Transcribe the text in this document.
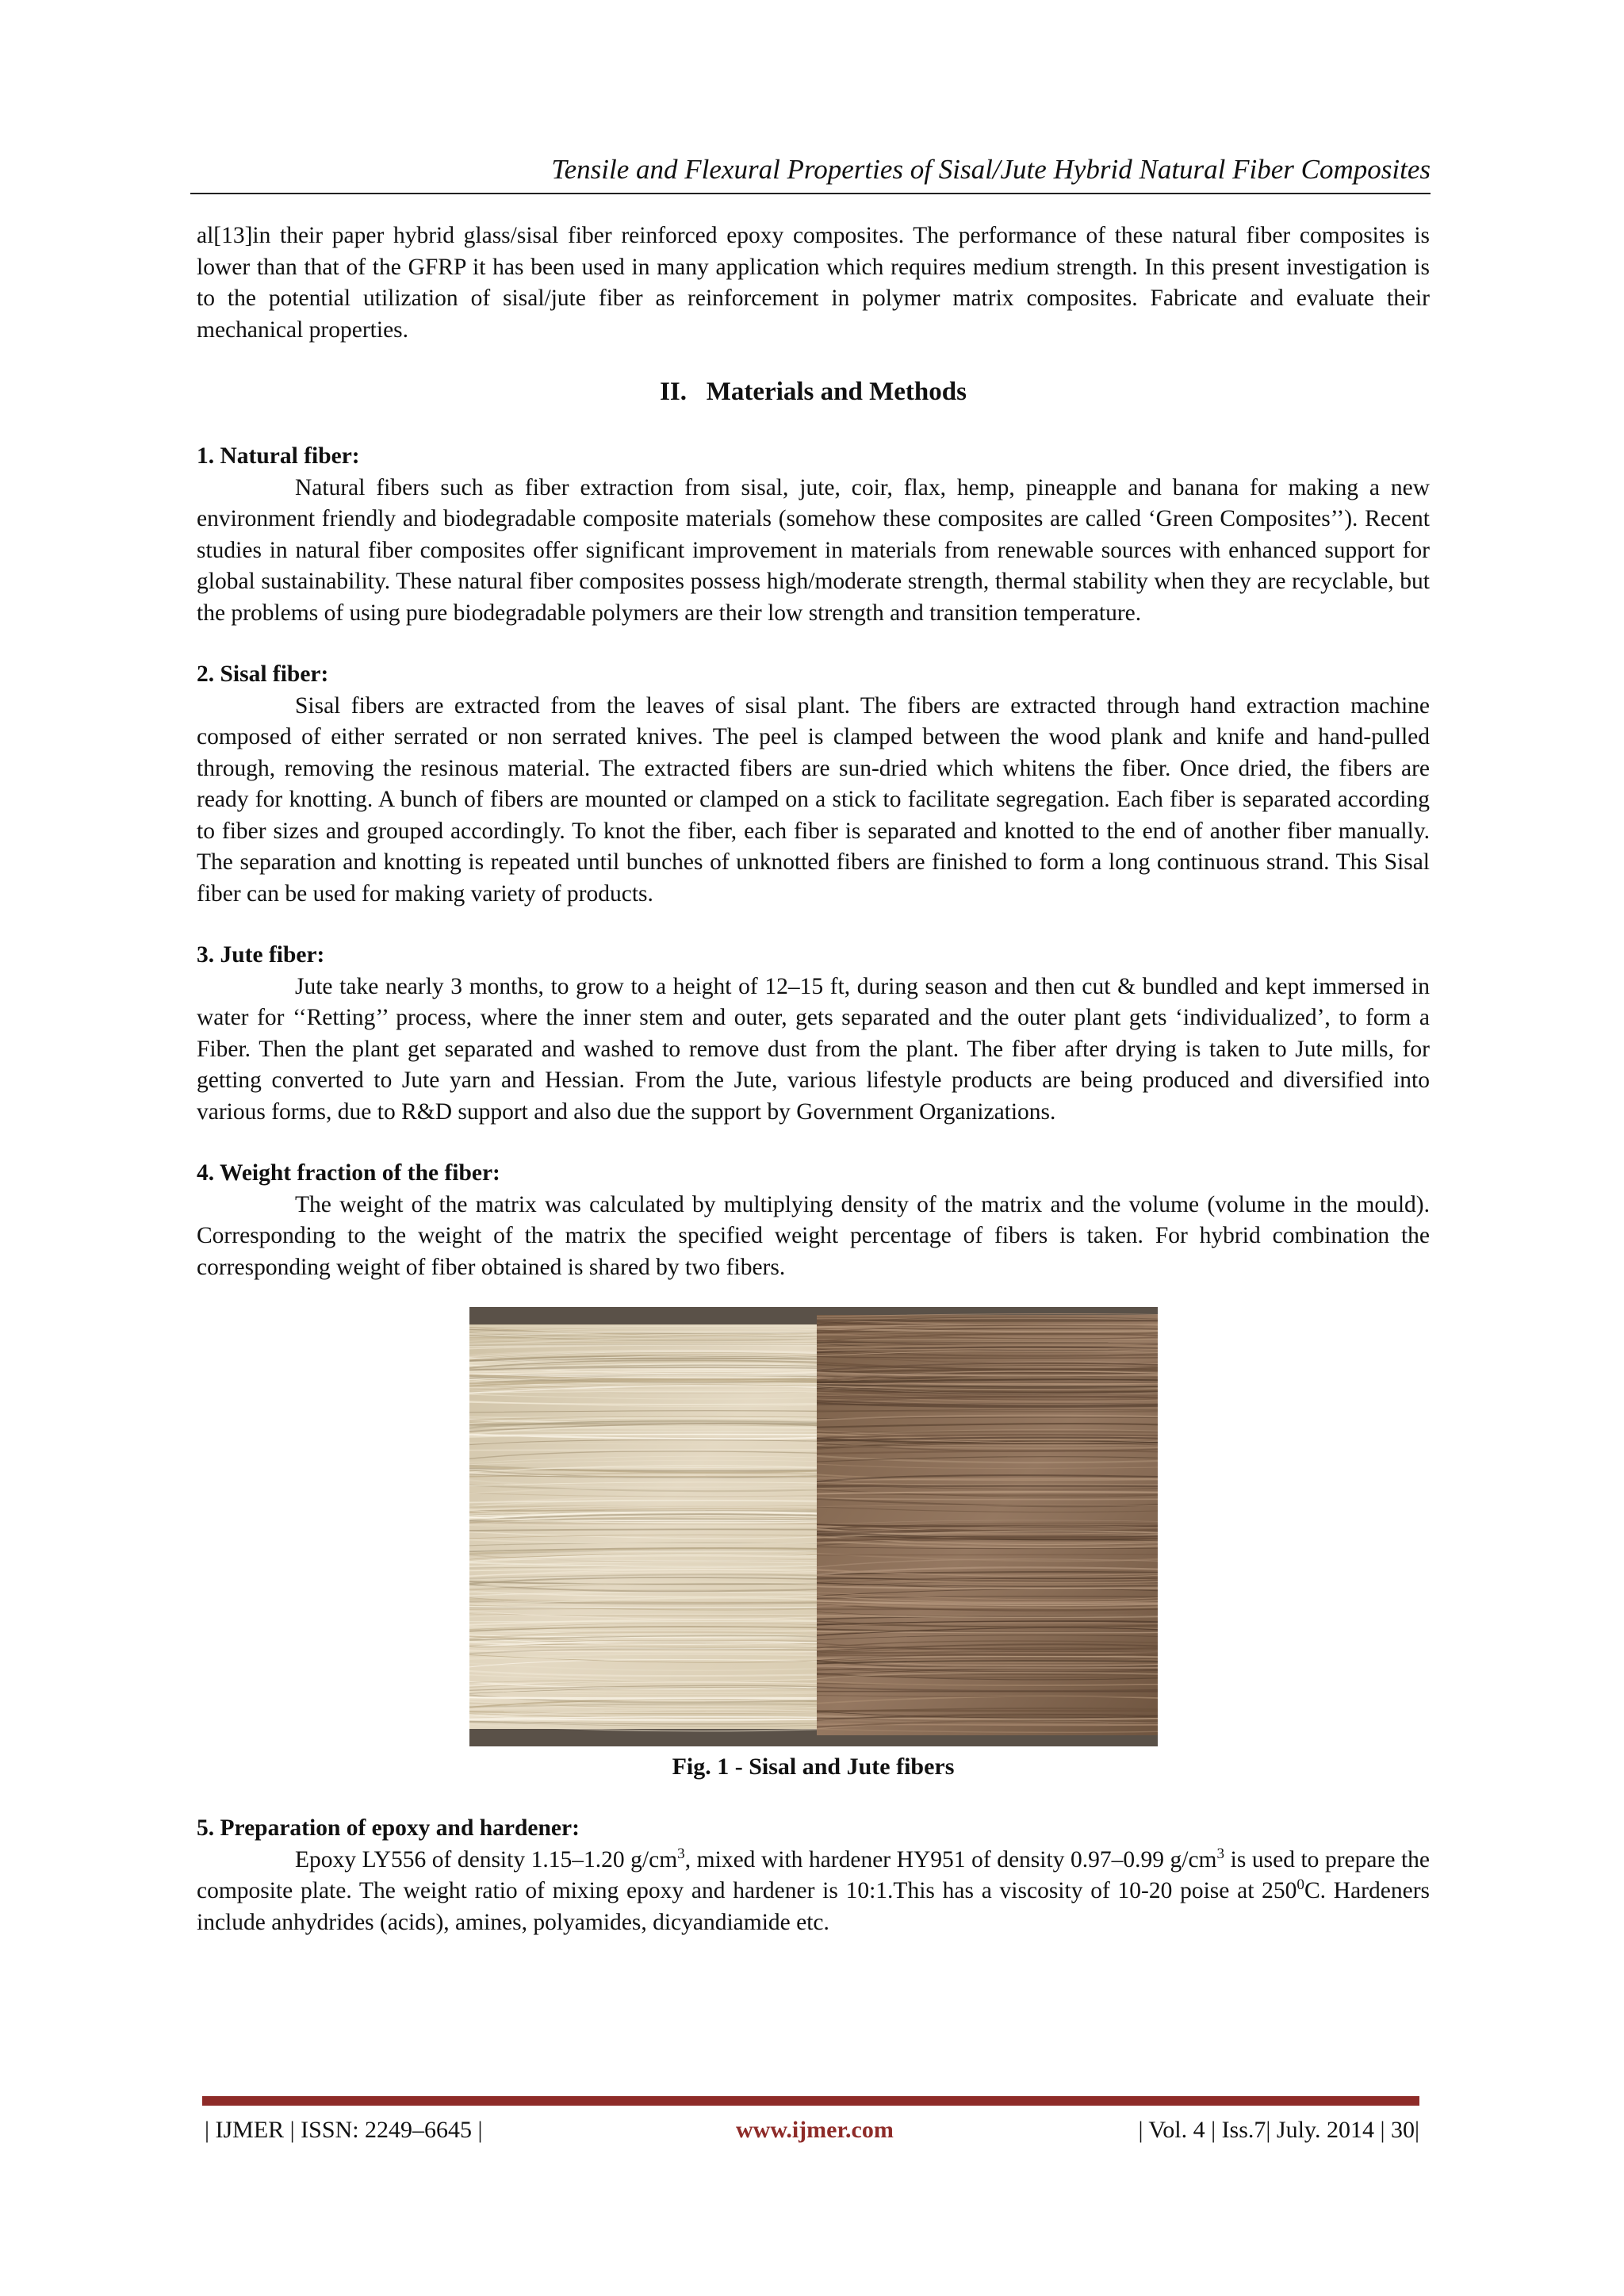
Tensile and Flexural Properties of Sisal/Jute Hybrid Natural Fiber Composites

al[13]in their paper hybrid glass/sisal fiber reinforced epoxy composites. The performance of these natural fiber composites is lower than that of the GFRP it has been used in many application which requires medium strength. In this present investigation is to the potential utilization of sisal/jute fiber as reinforcement in polymer matrix composites. Fabricate and evaluate their mechanical properties.

II. Materials and Methods
1. Natural fiber:

Natural fibers such as fiber extraction from sisal, jute, coir, flax, hemp, pineapple and banana for making a new environment friendly and biodegradable composite materials (somehow these composites are called ‘Green Composites’’). Recent studies in natural fiber composites offer significant improvement in materials from renewable sources with enhanced support for global sustainability. These natural fiber composites possess high/moderate strength, thermal stability when they are recyclable, but the problems of using pure biodegradable polymers are their low strength and transition temperature.

2. Sisal fiber:

Sisal fibers are extracted from the leaves of sisal plant. The fibers are extracted through hand extraction machine composed of either serrated or non serrated knives. The peel is clamped between the wood plank and knife and hand-pulled through, removing the resinous material. The extracted fibers are sun-dried which whitens the fiber. Once dried, the fibers are ready for knotting. A bunch of fibers are mounted or clamped on a stick to facilitate segregation. Each fiber is separated according to fiber sizes and grouped accordingly. To knot the fiber, each fiber is separated and knotted to the end of another fiber manually. The separation and knotting is repeated until bunches of unknotted fibers are finished to form a long continuous strand. This Sisal fiber can be used for making variety of products.

3. Jute fiber:

Jute take nearly 3 months, to grow to a height of 12–15 ft, during season and then cut & bundled and kept immersed in water for ‘‘Retting’’ process, where the inner stem and outer, gets separated and the outer plant gets ‘individualized’, to form a Fiber. Then the plant get separated and washed to remove dust from the plant. The fiber after drying is taken to Jute mills, for getting converted to Jute yarn and Hessian. From the Jute, various lifestyle products are being produced and diversified into various forms, due to R&D support and also due the support by Government Organizations.

4. Weight fraction of the fiber:

The weight of the matrix was calculated by multiplying density of the matrix and the volume (volume in the mould). Corresponding to the weight of the matrix the specified weight percentage of fibers is taken. For hybrid combination the corresponding weight of fiber obtained is shared by two fibers.

Fig. 1 - Sisal and Jute fibers
5. Preparation of epoxy and hardener:

Epoxy LY556 of density 1.15–1.20 $g/cm^3$, mixed with hardener HY951 of density 0.97–0.99 $g/cm^3$ is used to prepare the composite plate. The weight ratio of mixing epoxy and hardener is 10:1.This has a viscosity of 10-20 poise at $250^0C$. Hardeners include anhydrides (acids), amines, polyamides, dicyandiamide etc.

| IJMER | ISSN: 2249–6645 |	www.ijmer.com	| Vol. 4 | Iss.7| July. 2014 | 30|
